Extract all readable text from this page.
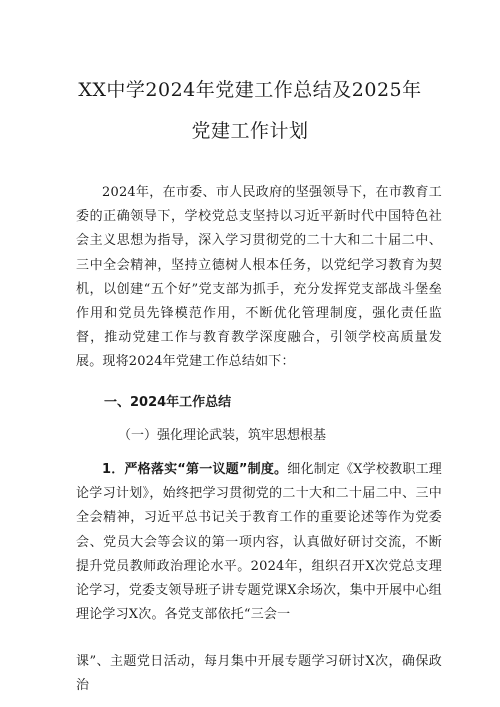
XX中学2024年党建工作总结及2025年
党建工作计划
2024年，在市委、市人民政府的坚强领导下，在市教育工委的正确领导下，学校党总支坚持以习近平新时代中国特色社会主义思想为指导，深入学习贯彻党的二十大和二十届二中、三中全会精神，坚持立德树人根本任务，以党纪学习教育为契机，以创建“五个好”党支部为抓手，充分发挥党支部战斗堡垒作用和党员先锋模范作用，不断优化管理制度，强化责任监督，推动党建工作与教育教学深度融合，引领学校高质量发展。现将2024年党建工作总结如下：
一、2024年工作总结
（一）强化理论武装，筑牢思想根基
1．严格落实“第一议题”制度。细化制定《X学校教职工理论学习计划》，始终把学习贯彻党的二十大和二十届二中、三中全会精神，习近平总书记关于教育工作的重要论述等作为党委会、党员大会等会议的第一项内容，认真做好研讨交流，不断提升党员教师政治理论水平。2024年，组织召开X次党总支理论学习，党委支领导班子讲专题党课X余场次，集中开展中心组理论学习X次。各党支部依托“三会一
课”、主题党日活动，每月集中开展专题学习研讨X次，确保政治
